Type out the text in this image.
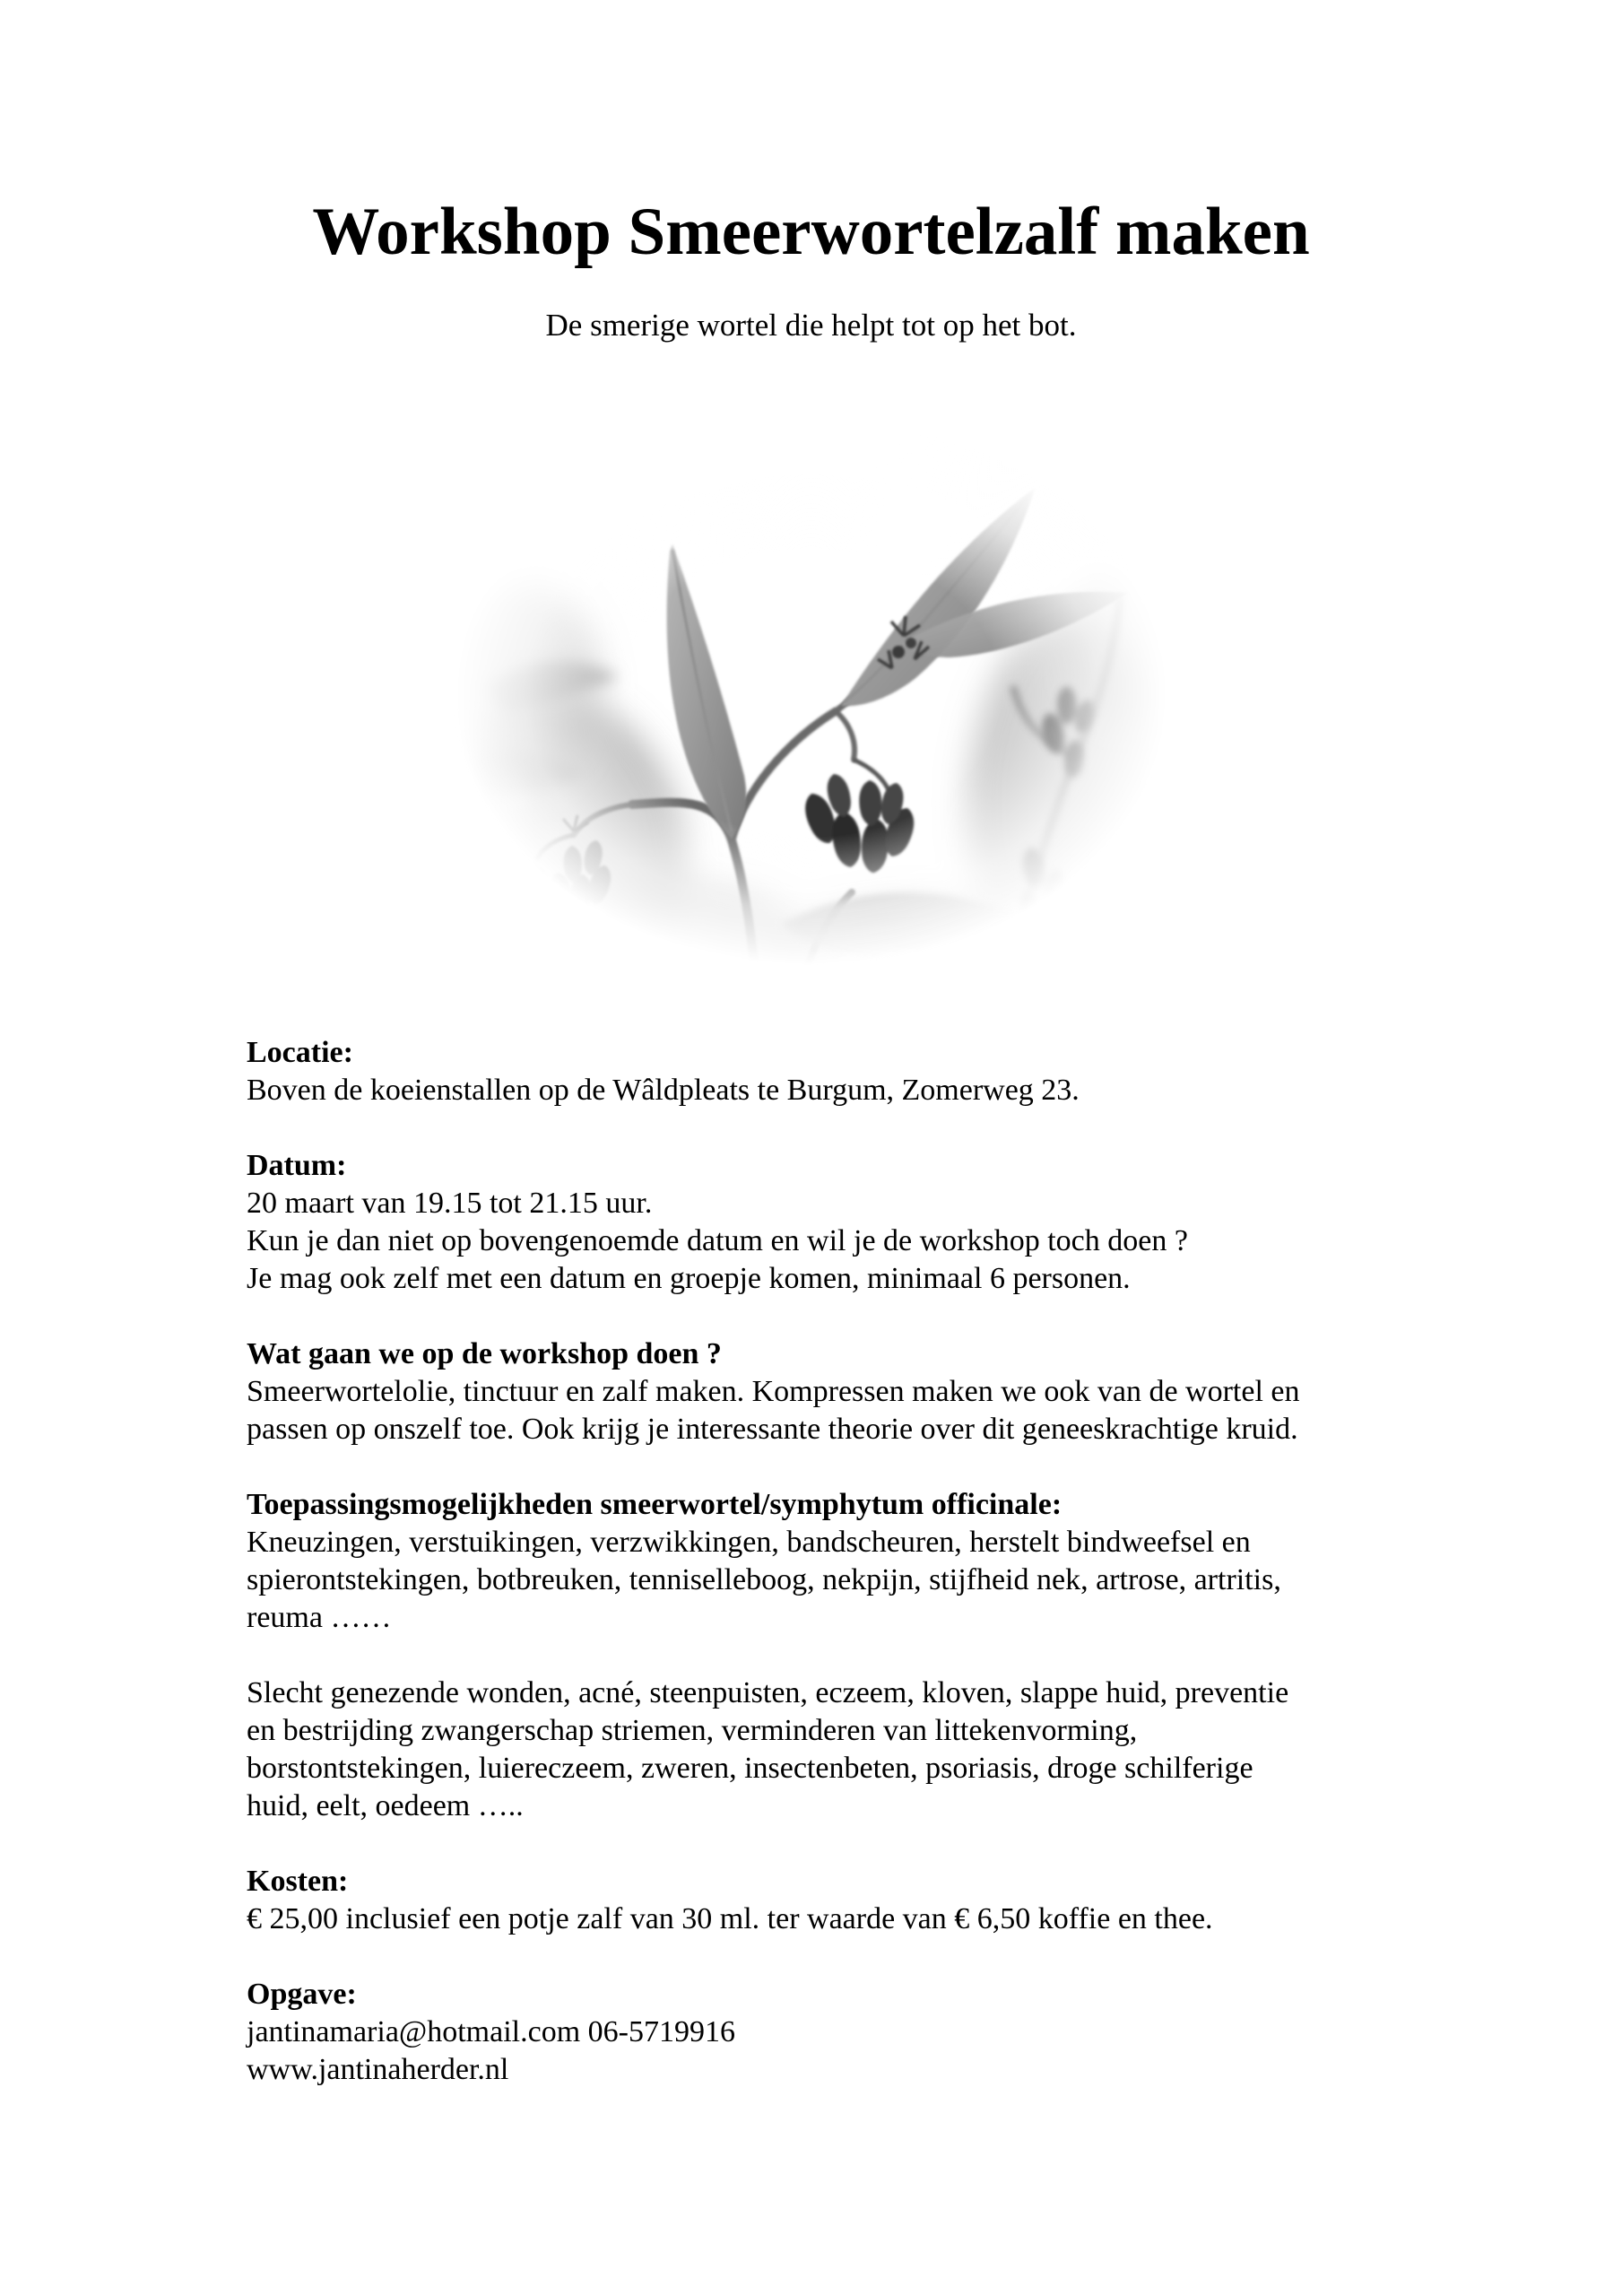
Workshop Smeerwortelzalf maken
De smerige wortel die helpt tot op het bot.
Locatie:
Boven de koeienstallen op de Wâldpleats te Burgum, Zomerweg 23.
Datum:
20 maart van 19.15 tot 21.15 uur.
Kun je dan niet op bovengenoemde datum en wil je de workshop toch doen ?
Je mag ook zelf met een datum en groepje komen, minimaal 6 personen.
Wat gaan we op de workshop doen ?
Smeerwortelolie, tinctuur en zalf maken. Kompressen maken we ook van de wortel en
passen op onszelf toe. Ook krijg je interessante theorie over dit geneeskrachtige kruid.
Toepassingsmogelijkheden smeerwortel/symphytum officinale:
Kneuzingen, verstuikingen, verzwikkingen, bandscheuren, herstelt bindweefsel en
spierontstekingen, botbreuken, tenniselleboog, nekpijn, stijfheid nek, artrose, artritis,
reuma ……
Slecht genezende wonden, acné, steenpuisten, eczeem, kloven, slappe huid, preventie
en bestrijding zwangerschap striemen, verminderen van littekenvorming,
borstontstekingen, luiereczeem, zweren, insectenbeten, psoriasis, droge schilferige
huid, eelt, oedeem …..
Kosten:
€ 25,00 inclusief een potje zalf van 30 ml. ter waarde van € 6,50 koffie en thee.
Opgave:
jantinamaria@hotmail.com 06-5719916
www.jantinaherder.nl
